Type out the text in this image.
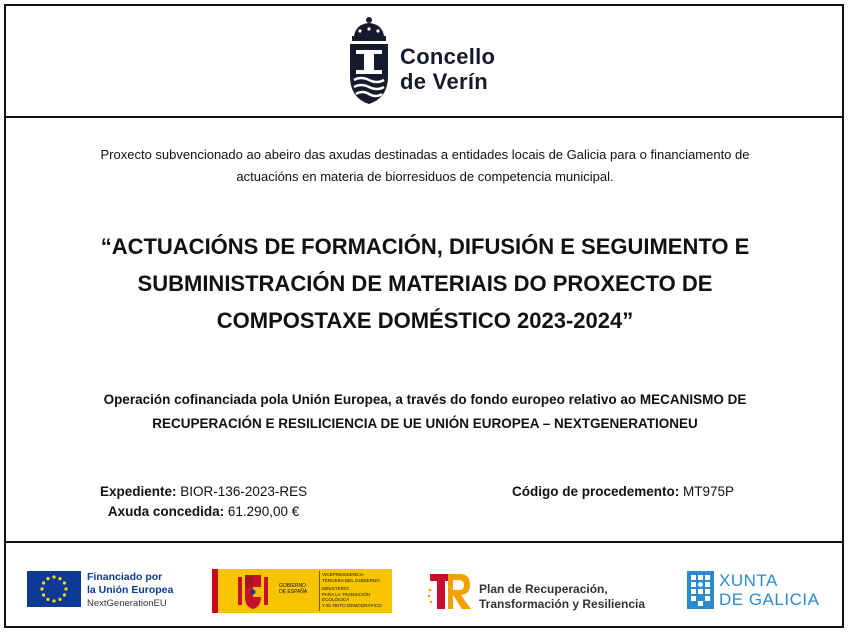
Concello
de Verín
Proxecto subvencionado ao abeiro das axudas destinadas a entidades locais de Galicia para o financiamento de
actuacións en materia de biorresiduos de competencia municipal.
“ACTUACIÓNS DE FORMACIÓN, DIFUSIÓN E SEGUIMENTO E
SUBMINISTRACIÓN DE MATERIAIS DO PROXECTO DE
COMPOSTAXE DOMÉSTICO 2023-2024”
Operación cofinanciada pola Unión Europea, a través do fondo europeo relativo ao MECANISMO DE
RECUPERACIÓN E RESILICIENCIA DE UE UNIÓN EUROPEA – NEXTGENERATIONEU
Expediente: BIOR-136-2023-RES
Axuda concedida: 61.290,00 €
Código de procedemento: MT975P
Financiado por
la Unión Europea
NextGenerationEU
GOBIERNO
DE ESPAÑA
VICEPRESIDENCIA
TERCERA DEL GOBIERNO
MINISTERIO
PARA LA TRANSICIÓN ECOLÓGICA
Y EL RETO DEMOGRÁFICO
Plan de Recuperación,
Transformación y Resiliencia
XUNTA
DE GALICIA
